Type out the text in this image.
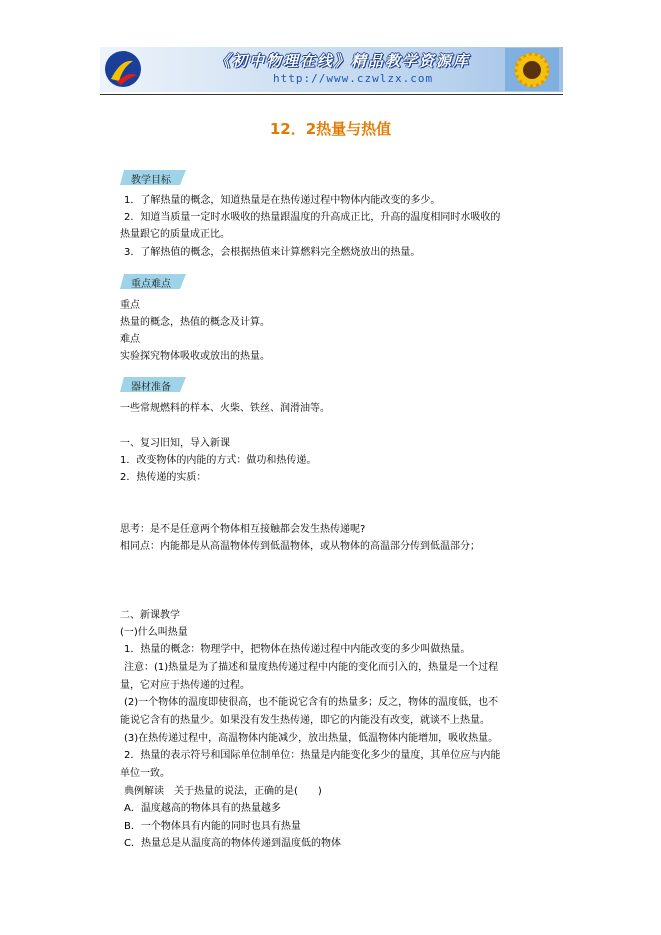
《初中物理在线》精品教学资源库
http://www.czwlzx.com
12．2热量与热值
教学目标
1．了解热量的概念，知道热量是在热传递过程中物体内能改变的多少。
2．知道当质量一定时水吸收的热量跟温度的升高成正比，升高的温度相同时水吸收的
热量跟它的质量成正比。
3．了解热值的概念，会根据热值来计算燃料完全燃烧放出的热量。
重点难点
重点
热量的概念，热值的概念及计算。
难点
实验探究物体吸收或放出的热量。
器材准备
一些常规燃料的样本、火柴、铁丝、润滑油等。
一、复习旧知，导入新课
1．改变物体的内能的方式：做功和热传递。
2．热传递的实质：
思考：是不是任意两个物体相互接触都会发生热传递呢?
相同点：内能都是从高温物体传到低温物体，或从物体的高温部分传到低温部分；
二、新课教学
(一)什么叫热量
1．热量的概念：物理学中，把物体在热传递过程中内能改变的多少叫做热量。
注意：(1)热量是为了描述和量度热传递过程中内能的变化而引入的，热量是一个过程
量，它对应于热传递的过程。
(2)一个物体的温度即使很高，也不能说它含有的热量多；反之，物体的温度低，也不
能说它含有的热量少。如果没有发生热传递，即它的内能没有改变，就谈不上热量。
(3)在热传递过程中，高温物体内能减少，放出热量，低温物体内能增加，吸收热量。
2．热量的表示符号和国际单位制单位：热量是内能变化多少的量度，其单位应与内能
单位一致。
典例解读　关于热量的说法，正确的是(　　)
A．温度越高的物体具有的热量越多
B．一个物体具有内能的同时也具有热量
C．热量总是从温度高的物体传递到温度低的物体
